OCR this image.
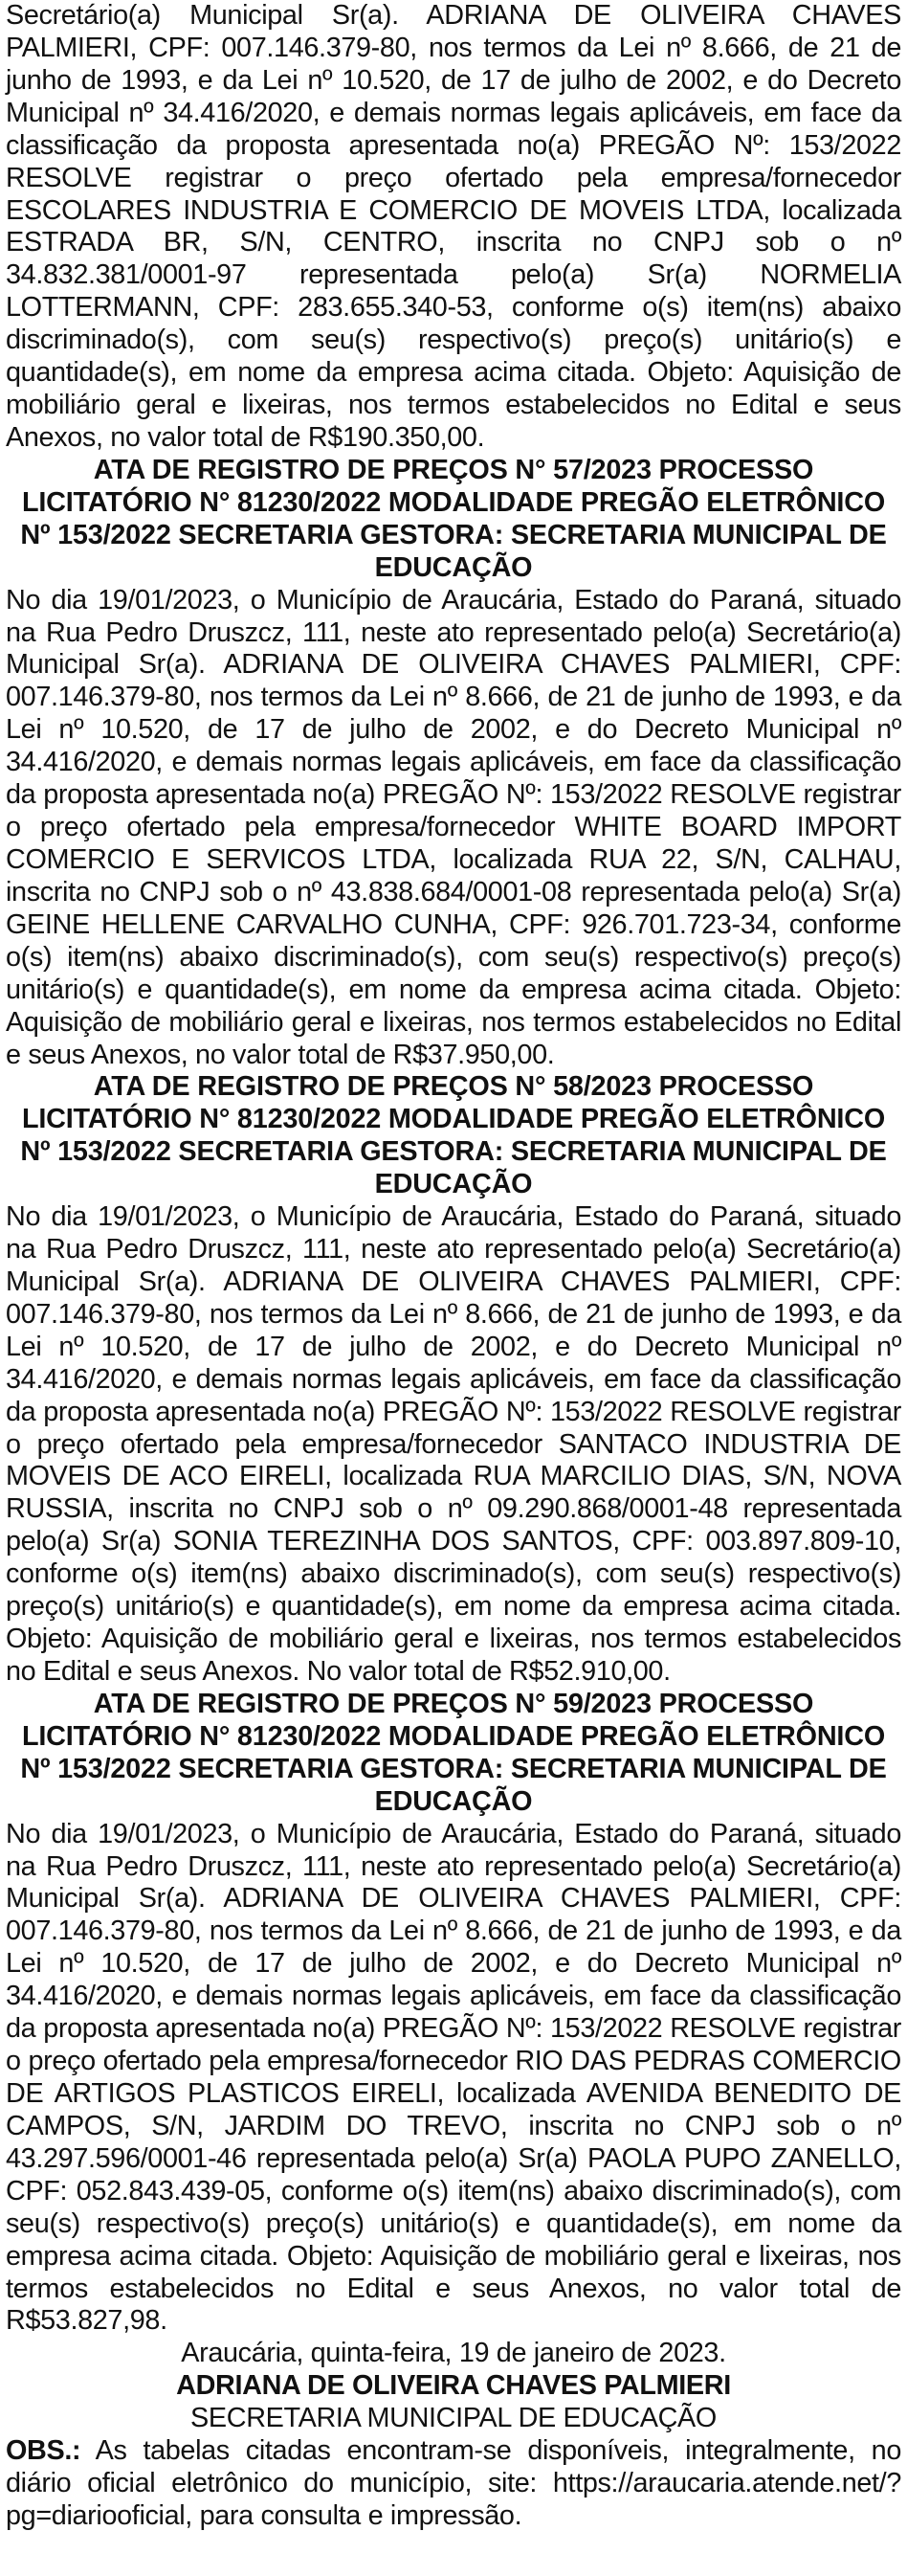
Secretário(a) Municipal Sr(a). ADRIANA DE OLIVEIRA CHAVES PALMIERI, CPF: 007.146.379-80, nos termos da Lei nº 8.666, de 21 de junho de 1993, e da Lei nº 10.520, de 17 de julho de 2002, e do Decreto Municipal nº 34.416/2020, e demais normas legais aplicáveis, em face da classificação da proposta apresentada no(a) PREGÃO Nº: 153/2022 RESOLVE registrar o preço ofertado pela empresa/fornecedor ESCOLARES INDUSTRIA E COMERCIO DE MOVEIS LTDA, localizada ESTRADA BR, S/N, CENTRO, inscrita no CNPJ sob o nº 34.832.381/0001-97 representada pelo(a) Sr(a) NORMELIA LOTTERMANN, CPF: 283.655.340-53, conforme o(s) item(ns) abaixo discriminado(s), com seu(s) respectivo(s) preço(s) unitário(s) e quantidade(s), em nome da empresa acima citada. Objeto: Aquisição de mobiliário geral e lixeiras, nos termos estabelecidos no Edital e seus Anexos, no valor total de R$190.350,00.

ATA DE REGISTRO DE PREÇOS N° 57/2023 PROCESSO LICITATÓRIO N° 81230/2022 MODALIDADE PREGÃO ELETRÔNICO Nº 153/2022 SECRETARIA GESTORA: SECRETARIA MUNICIPAL DE EDUCAÇÃO

No dia 19/01/2023, o Município de Araucária, Estado do Paraná, situado na Rua Pedro Druszcz, 111, neste ato representado pelo(a) Secretário(a) Municipal Sr(a). ADRIANA DE OLIVEIRA CHAVES PALMIERI, CPF: 007.146.379-80, nos termos da Lei nº 8.666, de 21 de junho de 1993, e da Lei nº 10.520, de 17 de julho de 2002, e do Decreto Municipal nº 34.416/2020, e demais normas legais aplicáveis, em face da classificação da proposta apresentada no(a) PREGÃO Nº: 153/2022 RESOLVE registrar o preço ofertado pela empresa/fornecedor WHITE BOARD IMPORT COMERCIO E SERVICOS LTDA, localizada RUA 22, S/N, CALHAU, inscrita no CNPJ sob o nº 43.838.684/0001-08 representada pelo(a) Sr(a) GEINE HELLENE CARVALHO CUNHA, CPF: 926.701.723-34, conforme o(s) item(ns) abaixo discriminado(s), com seu(s) respectivo(s) preço(s) unitário(s) e quantidade(s), em nome da empresa acima citada. Objeto: Aquisição de mobiliário geral e lixeiras, nos termos estabelecidos no Edital e seus Anexos, no valor total de R$37.950,00.

ATA DE REGISTRO DE PREÇOS N° 58/2023 PROCESSO LICITATÓRIO N° 81230/2022 MODALIDADE PREGÃO ELETRÔNICO Nº 153/2022 SECRETARIA GESTORA: SECRETARIA MUNICIPAL DE EDUCAÇÃO

No dia 19/01/2023, o Município de Araucária, Estado do Paraná, situado na Rua Pedro Druszcz, 111, neste ato representado pelo(a) Secretário(a) Municipal Sr(a). ADRIANA DE OLIVEIRA CHAVES PALMIERI, CPF: 007.146.379-80, nos termos da Lei nº 8.666, de 21 de junho de 1993, e da Lei nº 10.520, de 17 de julho de 2002, e do Decreto Municipal nº 34.416/2020, e demais normas legais aplicáveis, em face da classificação da proposta apresentada no(a) PREGÃO Nº: 153/2022 RESOLVE registrar o preço ofertado pela empresa/fornecedor SANTACO INDUSTRIA DE MOVEIS DE ACO EIRELI, localizada RUA MARCILIO DIAS, S/N, NOVA RUSSIA, inscrita no CNPJ sob o nº 09.290.868/0001-48 representada pelo(a) Sr(a) SONIA TEREZINHA DOS SANTOS, CPF: 003.897.809-10, conforme o(s) item(ns) abaixo discriminado(s), com seu(s) respectivo(s) preço(s) unitário(s) e quantidade(s), em nome da empresa acima citada. Objeto: Aquisição de mobiliário geral e lixeiras, nos termos estabelecidos no Edital e seus Anexos. No valor total de R$52.910,00.

ATA DE REGISTRO DE PREÇOS N° 59/2023 PROCESSO LICITATÓRIO N° 81230/2022 MODALIDADE PREGÃO ELETRÔNICO Nº 153/2022 SECRETARIA GESTORA: SECRETARIA MUNICIPAL DE EDUCAÇÃO

No dia 19/01/2023, o Município de Araucária, Estado do Paraná, situado na Rua Pedro Druszcz, 111, neste ato representado pelo(a) Secretário(a) Municipal Sr(a). ADRIANA DE OLIVEIRA CHAVES PALMIERI, CPF: 007.146.379-80, nos termos da Lei nº 8.666, de 21 de junho de 1993, e da Lei nº 10.520, de 17 de julho de 2002, e do Decreto Municipal nº 34.416/2020, e demais normas legais aplicáveis, em face da classificação da proposta apresentada no(a) PREGÃO Nº: 153/2022 RESOLVE registrar o preço ofertado pela empresa/fornecedor RIO DAS PEDRAS COMERCIO DE ARTIGOS PLASTICOS EIRELI, localizada AVENIDA BENEDITO DE CAMPOS, S/N, JARDIM DO TREVO, inscrita no CNPJ sob o nº 43.297.596/0001-46 representada pelo(a) Sr(a) PAOLA PUPO ZANELLO, CPF: 052.843.439-05, conforme o(s) item(ns) abaixo discriminado(s), com seu(s) respectivo(s) preço(s) unitário(s) e quantidade(s), em nome da empresa acima citada. Objeto: Aquisição de mobiliário geral e lixeiras, nos termos estabelecidos no Edital e seus Anexos, no valor total de R$53.827,98.

Araucária, quinta-feira, 19 de janeiro de 2023.
ADRIANA DE OLIVEIRA CHAVES PALMIERI
SECRETARIA MUNICIPAL DE EDUCAÇÃO

OBS.: As tabelas citadas encontram-se disponíveis, integralmente, no diário oficial eletrônico do município, site: https://araucaria.atende.net/?pg=diariooficial, para consulta e impressão.
